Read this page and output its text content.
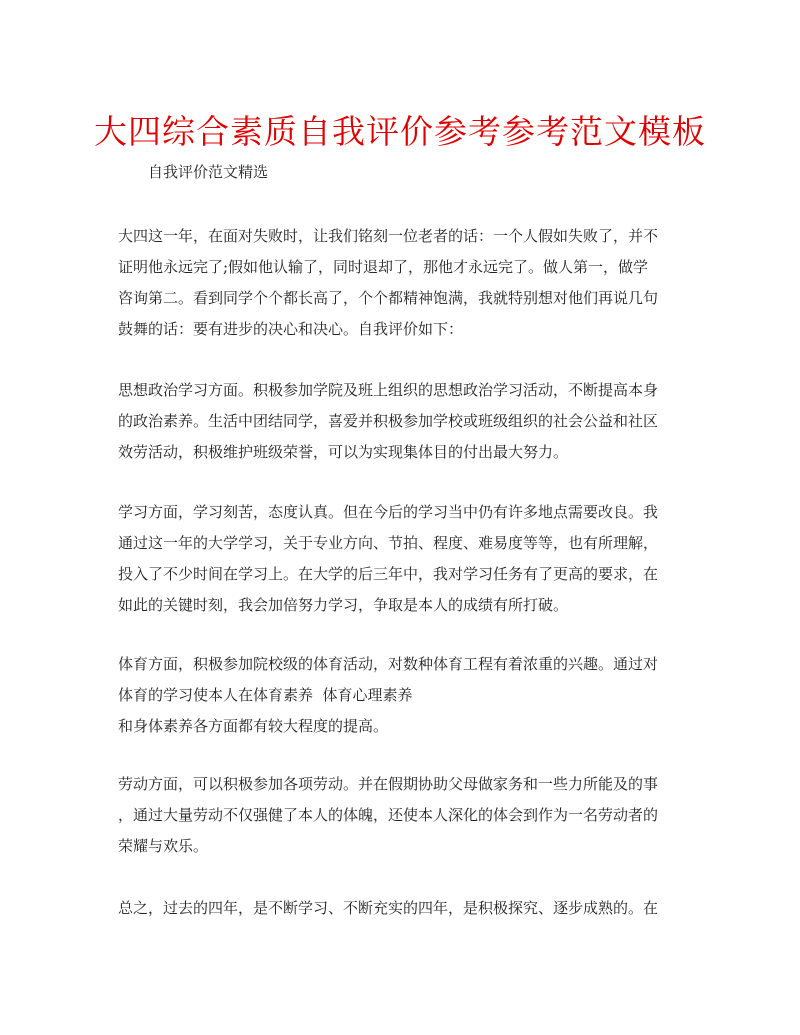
大四综合素质自我评价参考参考范文模板
自我评价范文精选
大四这一年，在面对失败时，让我们铭刻一位老者的话：一个人假如失败了，并不
证明他永远完了;假如他认输了，同时退却了，那他才永远完了。做人第一，做学
咨询第二。看到同学个个都长高了，个个都精神饱满，我就特别想对他们再说几句
鼓舞的话：要有进步的决心和决心。自我评价如下：
思想政治学习方面。积极参加学院及班上组织的思想政治学习活动，不断提高本身
的政治素养。生活中团结同学，喜爱并积极参加学校或班级组织的社会公益和社区
效劳活动，积极维护班级荣誉，可以为实现集体目的付出最大努力。
学习方面，学习刻苦，态度认真。但在今后的学习当中仍有许多地点需要改良。我
通过这一年的大学学习，关于专业方向、节拍、程度、难易度等等，也有所理解，
投入了不少时间在学习上。在大学的后三年中，我对学习任务有了更高的要求，在
如此的关键时刻，我会加倍努力学习，争取是本人的成绩有所打破。
体育方面，积极参加院校级的体育活动，对数种体育工程有着浓重的兴趣。通过对
体育的学习使本人在体育素养  体育心理素养
和身体素养各方面都有较大程度的提高。
劳动方面，可以积极参加各项劳动。并在假期协助父母做家务和一些力所能及的事
，通过大量劳动不仅强健了本人的体魄，还使本人深化的体会到作为一名劳动者的
荣耀与欢乐。
总之，过去的四年，是不断学习、不断充实的四年，是积极探究、逐步成熟的。在
